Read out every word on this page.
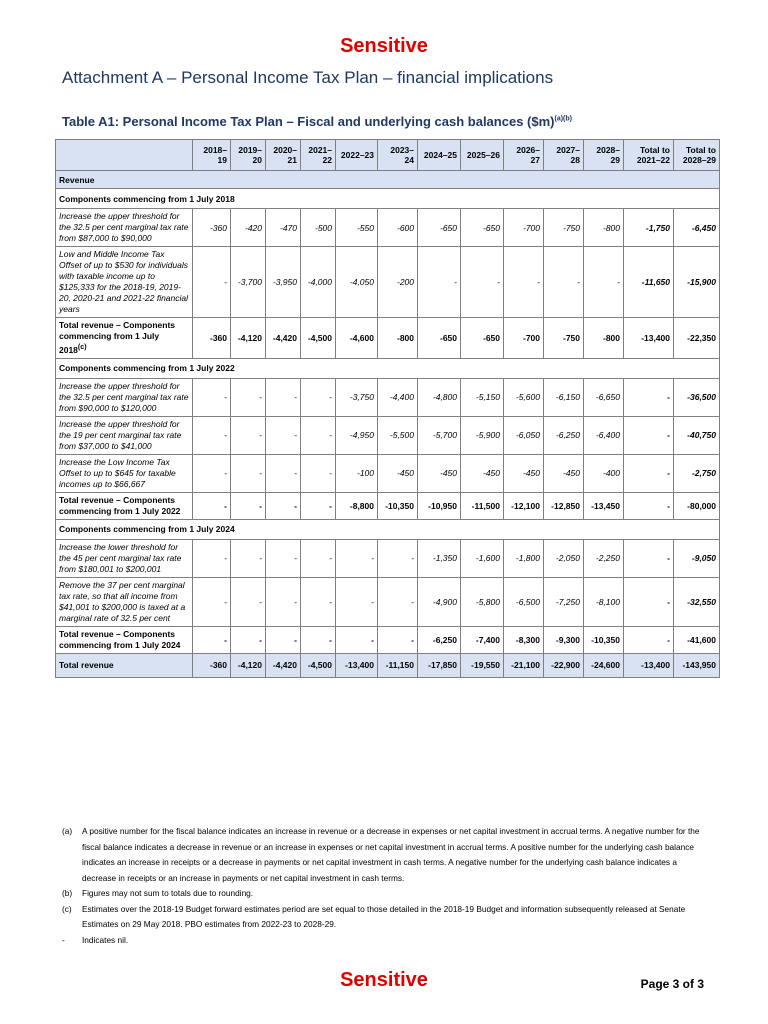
Sensitive
Attachment A – Personal Income Tax Plan – financial implications
Table A1: Personal Income Tax Plan – Fiscal and underlying cash balances ($m)$^{(a)(b)}$
	2018–19	2019–20	2020–21	2021–22	2022–23	2023–24	2024–25	2025–26	2026–27	2027–28	2028–29	Total to 2021–22	Total to 2028–29
Revenue													
Components commencing from 1 July 2018													
Increase the upper threshold for the 32.5 per cent marginal tax rate from $87,000 to $90,000	-360	-420	-470	-500	-550	-600	-650	-650	-700	-750	-800	-1,750	-6,450
Low and Middle Income Tax Offset of up to $530 for individuals with taxable income up to $125,333 for the 2018-19, 2019-20, 2020-21 and 2021-22 financial years	-	-3,700	-3,950	-4,000	-4,050	-200	-	-	-	-	-	-11,650	-15,900
Total revenue – Components commencing from 1 July 2018$^{(c)}$	-360	-4,120	-4,420	-4,500	-4,600	-800	-650	-650	-700	-750	-800	-13,400	-22,350
Components commencing from 1 July 2022													
Increase the upper threshold for the 32.5 per cent marginal tax rate from $90,000 to $120,000	-	-	-	-	-3,750	-4,400	-4,800	-5,150	-5,600	-6,150	-6,650	-	-36,500
Increase the upper threshold for the 19 per cent marginal tax rate from $37,000 to $41,000	-	-	-	-	-4,950	-5,500	-5,700	-5,900	-6,050	-6,250	-6,400	-	-40,750
Increase the Low Income Tax Offset to up to $645 for taxable incomes up to $66,667	-	-	-	-	-100	-450	-450	-450	-450	-450	-400	-	-2,750
Total revenue – Components commencing from 1 July 2022	-	-	-	-	-8,800	-10,350	-10,950	-11,500	-12,100	-12,850	-13,450	-	-80,000
Components commencing from 1 July 2024													
Increase the lower threshold for the 45 per cent marginal tax rate from $180,001 to $200,001	-	-	-	-	-	-	-1,350	-1,600	-1,800	-2,050	-2,250	-	-9,050
Remove the 37 per cent marginal tax rate, so that all income from $41,001 to $200,000 is taxed at a marginal rate of 32.5 per cent	-	-	-	-	-	-	-4,900	-5,800	-6,500	-7,250	-8,100	-	-32,550
Total revenue – Components commencing from 1 July 2024	-	-	-	-	-	-	-6,250	-7,400	-8,300	-9,300	-10,350	-	-41,600
Total revenue	-360	-4,120	-4,420	-4,500	-13,400	-11,150	-17,850	-19,550	-21,100	-22,900	-24,600	-13,400	-143,950
(a)	A positive number for the fiscal balance indicates an increase in revenue or a decrease in expenses or net capital investment in accrual terms. A negative number for the fiscal balance indicates a decrease in revenue or an increase in expenses or net capital investment in accrual terms. A positive number for the underlying cash balance indicates an increase in receipts or a decrease in payments or net capital investment in cash terms. A negative number for the underlying cash balance indicates a decrease in receipts or an increase in payments or net capital investment in cash terms.
(b)	Figures may not sum to totals due to rounding.
(c)	Estimates over the 2018-19 Budget forward estimates period are set equal to those detailed in the 2018-19 Budget and information subsequently released at Senate Estimates on 29 May 2018. PBO estimates from 2022-23 to 2028-29.
-	Indicates nil.
Sensitive	Page 3 of 3
